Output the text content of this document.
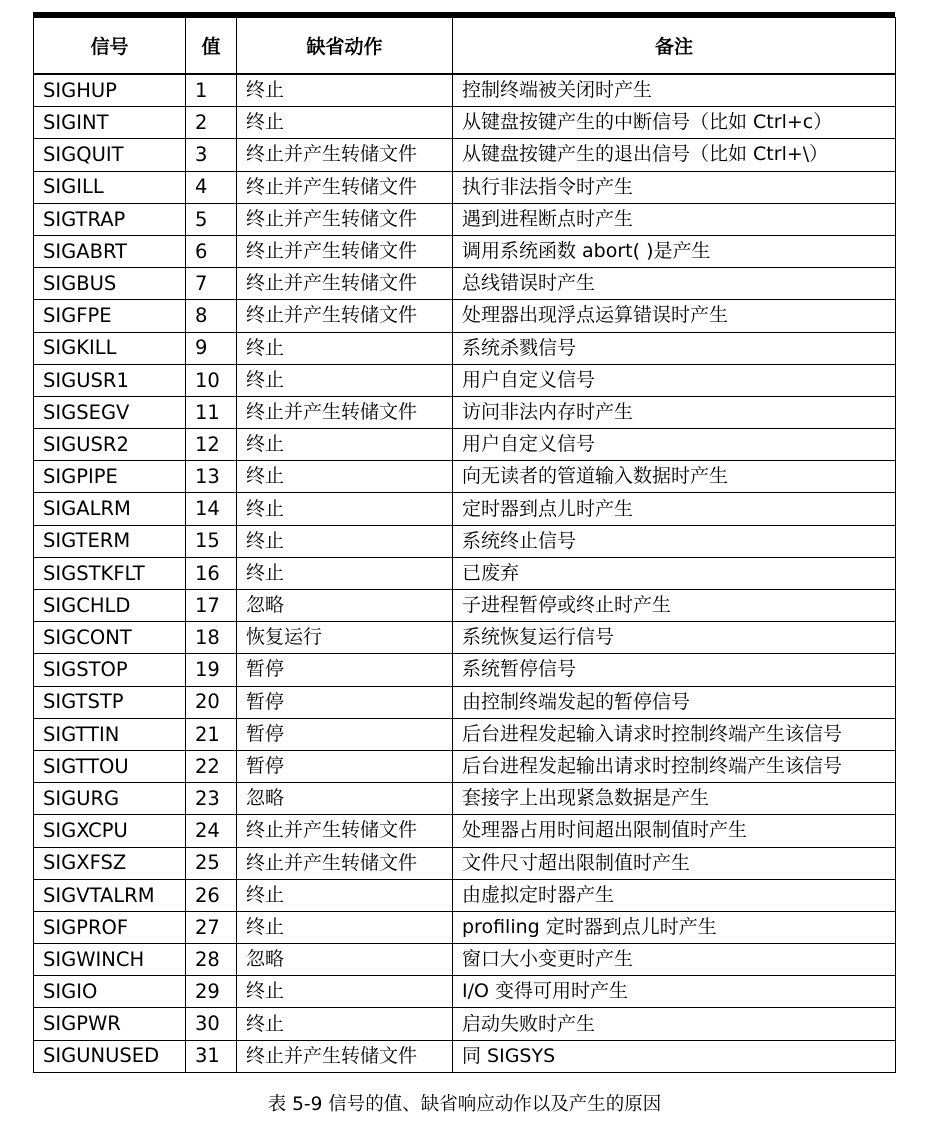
信号	值	缺省动作	备注
SIGHUP	1	终止	控制终端被关闭时产生
SIGINT	2	终止	从键盘按键产生的中断信号（比如 Ctrl+c）
SIGQUIT	3	终止并产生转储文件	从键盘按键产生的退出信号（比如 Ctrl+\）
SIGILL	4	终止并产生转储文件	执行非法指令时产生
SIGTRAP	5	终止并产生转储文件	遇到进程断点时产生
SIGABRT	6	终止并产生转储文件	调用系统函数 abort( )是产生
SIGBUS	7	终止并产生转储文件	总线错误时产生
SIGFPE	8	终止并产生转储文件	处理器出现浮点运算错误时产生
SIGKILL	9	终止	系统杀戮信号
SIGUSR1	10	终止	用户自定义信号
SIGSEGV	11	终止并产生转储文件	访问非法内存时产生
SIGUSR2	12	终止	用户自定义信号
SIGPIPE	13	终止	向无读者的管道输入数据时产生
SIGALRM	14	终止	定时器到点儿时产生
SIGTERM	15	终止	系统终止信号
SIGSTKFLT	16	终止	已废弃
SIGCHLD	17	忽略	子进程暂停或终止时产生
SIGCONT	18	恢复运行	系统恢复运行信号
SIGSTOP	19	暂停	系统暂停信号
SIGTSTP	20	暂停	由控制终端发起的暂停信号
SIGTTIN	21	暂停	后台进程发起输入请求时控制终端产生该信号
SIGTTOU	22	暂停	后台进程发起输出请求时控制终端产生该信号
SIGURG	23	忽略	套接字上出现紧急数据是产生
SIGXCPU	24	终止并产生转储文件	处理器占用时间超出限制值时产生
SIGXFSZ	25	终止并产生转储文件	文件尺寸超出限制值时产生
SIGVTALRM	26	终止	由虚拟定时器产生
SIGPROF	27	终止	profiling 定时器到点儿时产生
SIGWINCH	28	忽略	窗口大小变更时产生
SIGIO	29	终止	I/O 变得可用时产生
SIGPWR	30	终止	启动失败时产生
SIGUNUSED	31	终止并产生转储文件	同 SIGSYS
表 5-9 信号的值、缺省响应动作以及产生的原因
